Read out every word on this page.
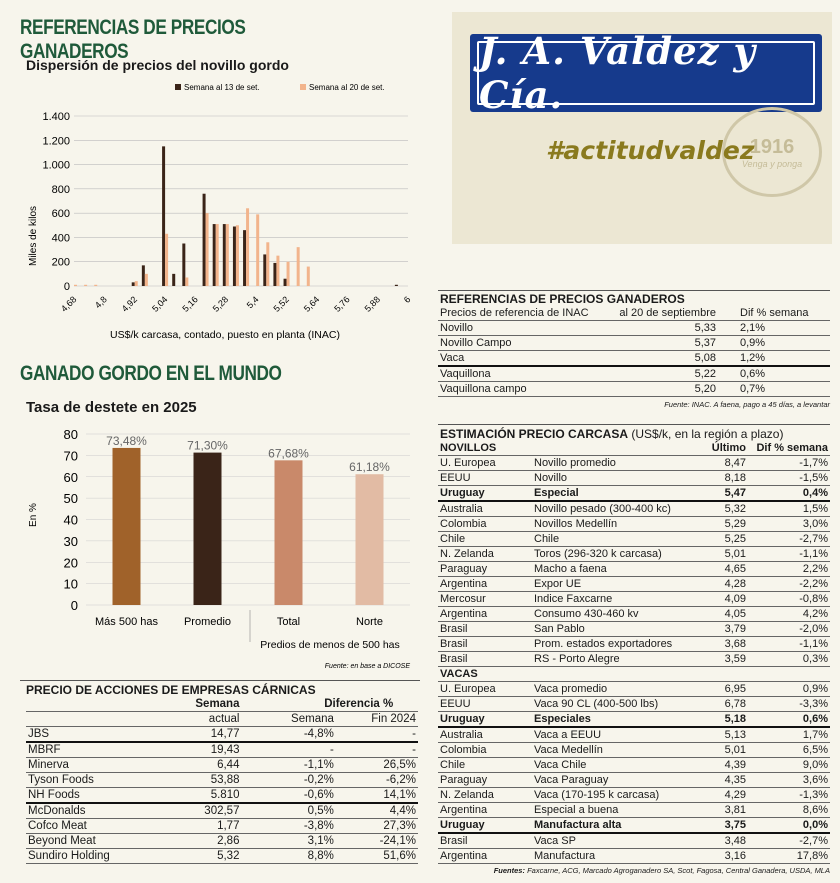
REFERENCIAS DE PRECIOS GANADEROS
Dispersión de precios del novillo gordo
Semana al 13 de set.	Semana al 20 de set.
Miles de kilos
US$/k carcasa, contado, puesto en planta (INAC)
0
200
400
600
800
1.000
1.200
1.400
4,68 4,8 4,92 5,04 5,16 5,28 5,4 5,52 5,64 5,76 5,88 6
J. A. Valdez y Cía.
1916
Venga y ponga
#actitudvaldez
GANADO GORDO EN EL MUNDO
Tasa de destete en 2025
En %
Predios de menos de 500 has
Fuente: en base a DICOSE
0
10
20
30
40
50
60
70
80 73,48%
Más 500 has
71,30%
Promedio
67,68%
Total
61,18%
Norte
PRECIO DE ACCIONES DE EMPRESAS CÁRNICAS
	Semana	Diferencia %	
	actual	Semana	Fin 2024
JBS	14,77	-4,8%	-
MBRF	19,43	-	-
Minerva	6,44	-1,1%	26,5%
Tyson Foods	53,88	-0,2%	-6,2%
NH Foods	5.810	-0,6%	14,1%
McDonalds	302,57	0,5%	4,4%
Cofco Meat	1,77	-3,8%	27,3%
Beyond Meat	2,86	3,1%	-24,1%
Sundiro Holding	5,32	8,8%	51,6%
REFERENCIAS DE PRECIOS GANADEROS
Precios de referencia de INAC	al 20 de septiembre	Dif % semana
Novillo	5,33	2,1%
Novillo Campo	5,37	0,9%
Vaca	5,08	1,2%
Vaquillona	5,22	0,6%
Vaquillona campo	5,20	0,7%
Fuente: INAC. A faena, pago a 45 días, a levantar
ESTIMACIÓN PRECIO CARCASA (US$/k, en la región a plazo)
NOVILLOS		Último	Dif % semana
U. Europea	Novillo promedio	8,47	-1,7%
EEUU	Novillo	8,18	-1,5%
Uruguay	Especial	5,47	0,4%
Australia	Novillo pesado (300-400 kc)	5,32	1,5%
Colombia	Novillos Medellín	5,29	3,0%
Chile	Chile	5,25	-2,7%
N. Zelanda	Toros (296-320 k carcasa)	5,01	-1,1%
Paraguay	Macho a faena	4,65	2,2%
Argentina	Expor UE	4,28	-2,2%
Mercosur	Indice Faxcarne	4,09	-0,8%
Argentina	Consumo 430-460 kv	4,05	4,2%
Brasil	San Pablo	3,79	-2,0%
Brasil	Prom. estados exportadores	3,68	-1,1%
Brasil	RS - Porto Alegre	3,59	0,3%
VACAS			
U. Europea	Vaca promedio	6,95	0,9%
EEUU	Vaca 90 CL (400-500 lbs)	6,78	-3,3%
Uruguay	Especiales	5,18	0,6%
Australia	Vaca a EEUU	5,13	1,7%
Colombia	Vaca Medellín	5,01	6,5%
Chile	Vaca Chile	4,39	9,0%
Paraguay	Vaca Paraguay	4,35	3,6%
N. Zelanda	Vaca (170-195 k carcasa)	4,29	-1,3%
Argentina	Especial a buena	3,81	8,6%
Uruguay	Manufactura alta	3,75	0,0%
Brasil	Vaca SP	3,48	-2,7%
Argentina	Manufactura	3,16	17,8%
Fuentes: Faxcarne, ACG, Marcado Agroganadero SA, Scot, Fagosa, Central Ganadera, USDA, MLA
